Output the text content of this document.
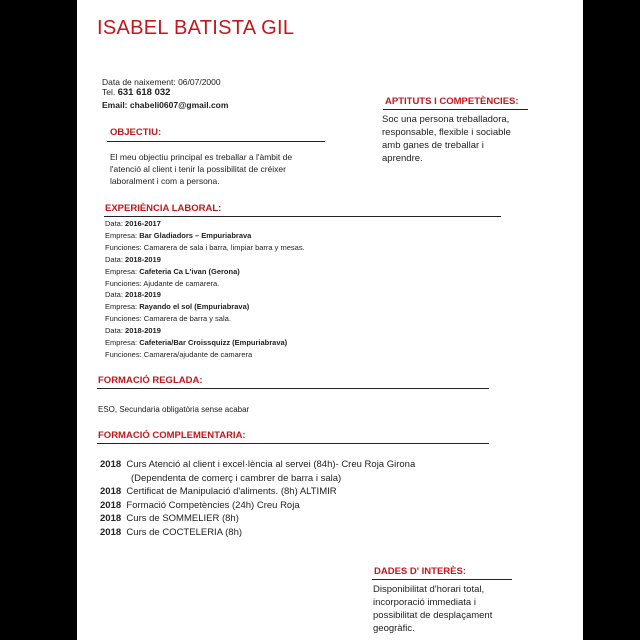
ISABEL BATISTA GIL
Data de naixement: 06/07/2000
Tel. 631 618 032
Email: chabeli0607@gmail.com	APTITUTS I COMPETÈNCIES:
Soc una persona treballadora,
responsable, flexible i sociable
amb ganes de treballar i
aprendre.
OBJECTIU:
El meu objectiu principal es treballar a l'àmbit de
l'atenció al client i tenir la possibilitat de créixer
laboralment i com a persona.
EXPERIÈNCIA LABORAL:
Data: 2016-2017
Empresa: Bar Gladiadors – Empuriabrava
Funciones: Camarera de sala i barra, limpiar barra y mesas.
Data: 2018-2019
Empresa: Cafeteria Ca L'ivan (Gerona)
Funciones: Ajudante de camarera.
Data: 2018-2019
Empresa: Rayando el sol (Empuriabrava)
Funciones: Camarera de barra y sala.
Data: 2018-2019
Empresa: Cafeteria/Bar Croissquizz (Empuriabrava)
Funciones: Camarera/ajudante de camarera
FORMACIÓ REGLADA:
ESO, Secundaria obligatòria sense acabar
FORMACIÓ COMPLEMENTARIA:
2018 Curs Atenció al client i excel·lència al servei (84h)- Creu Roja Girona
(Dependenta de comerç i cambrer de barra i sala)
2018 Certificat de Manipulació d'aliments. (8h) ALTIMIR
2018 Formació Competències (24h) Creu Roja
2018 Curs de SOMMELIER (8h)
2018 Curs de COCTELERIA (8h)
DADES D' INTERÈS:
Disponibilitat d'horari total,
incorporació immediata i
possibilitat de desplaçament
geogràfic.
